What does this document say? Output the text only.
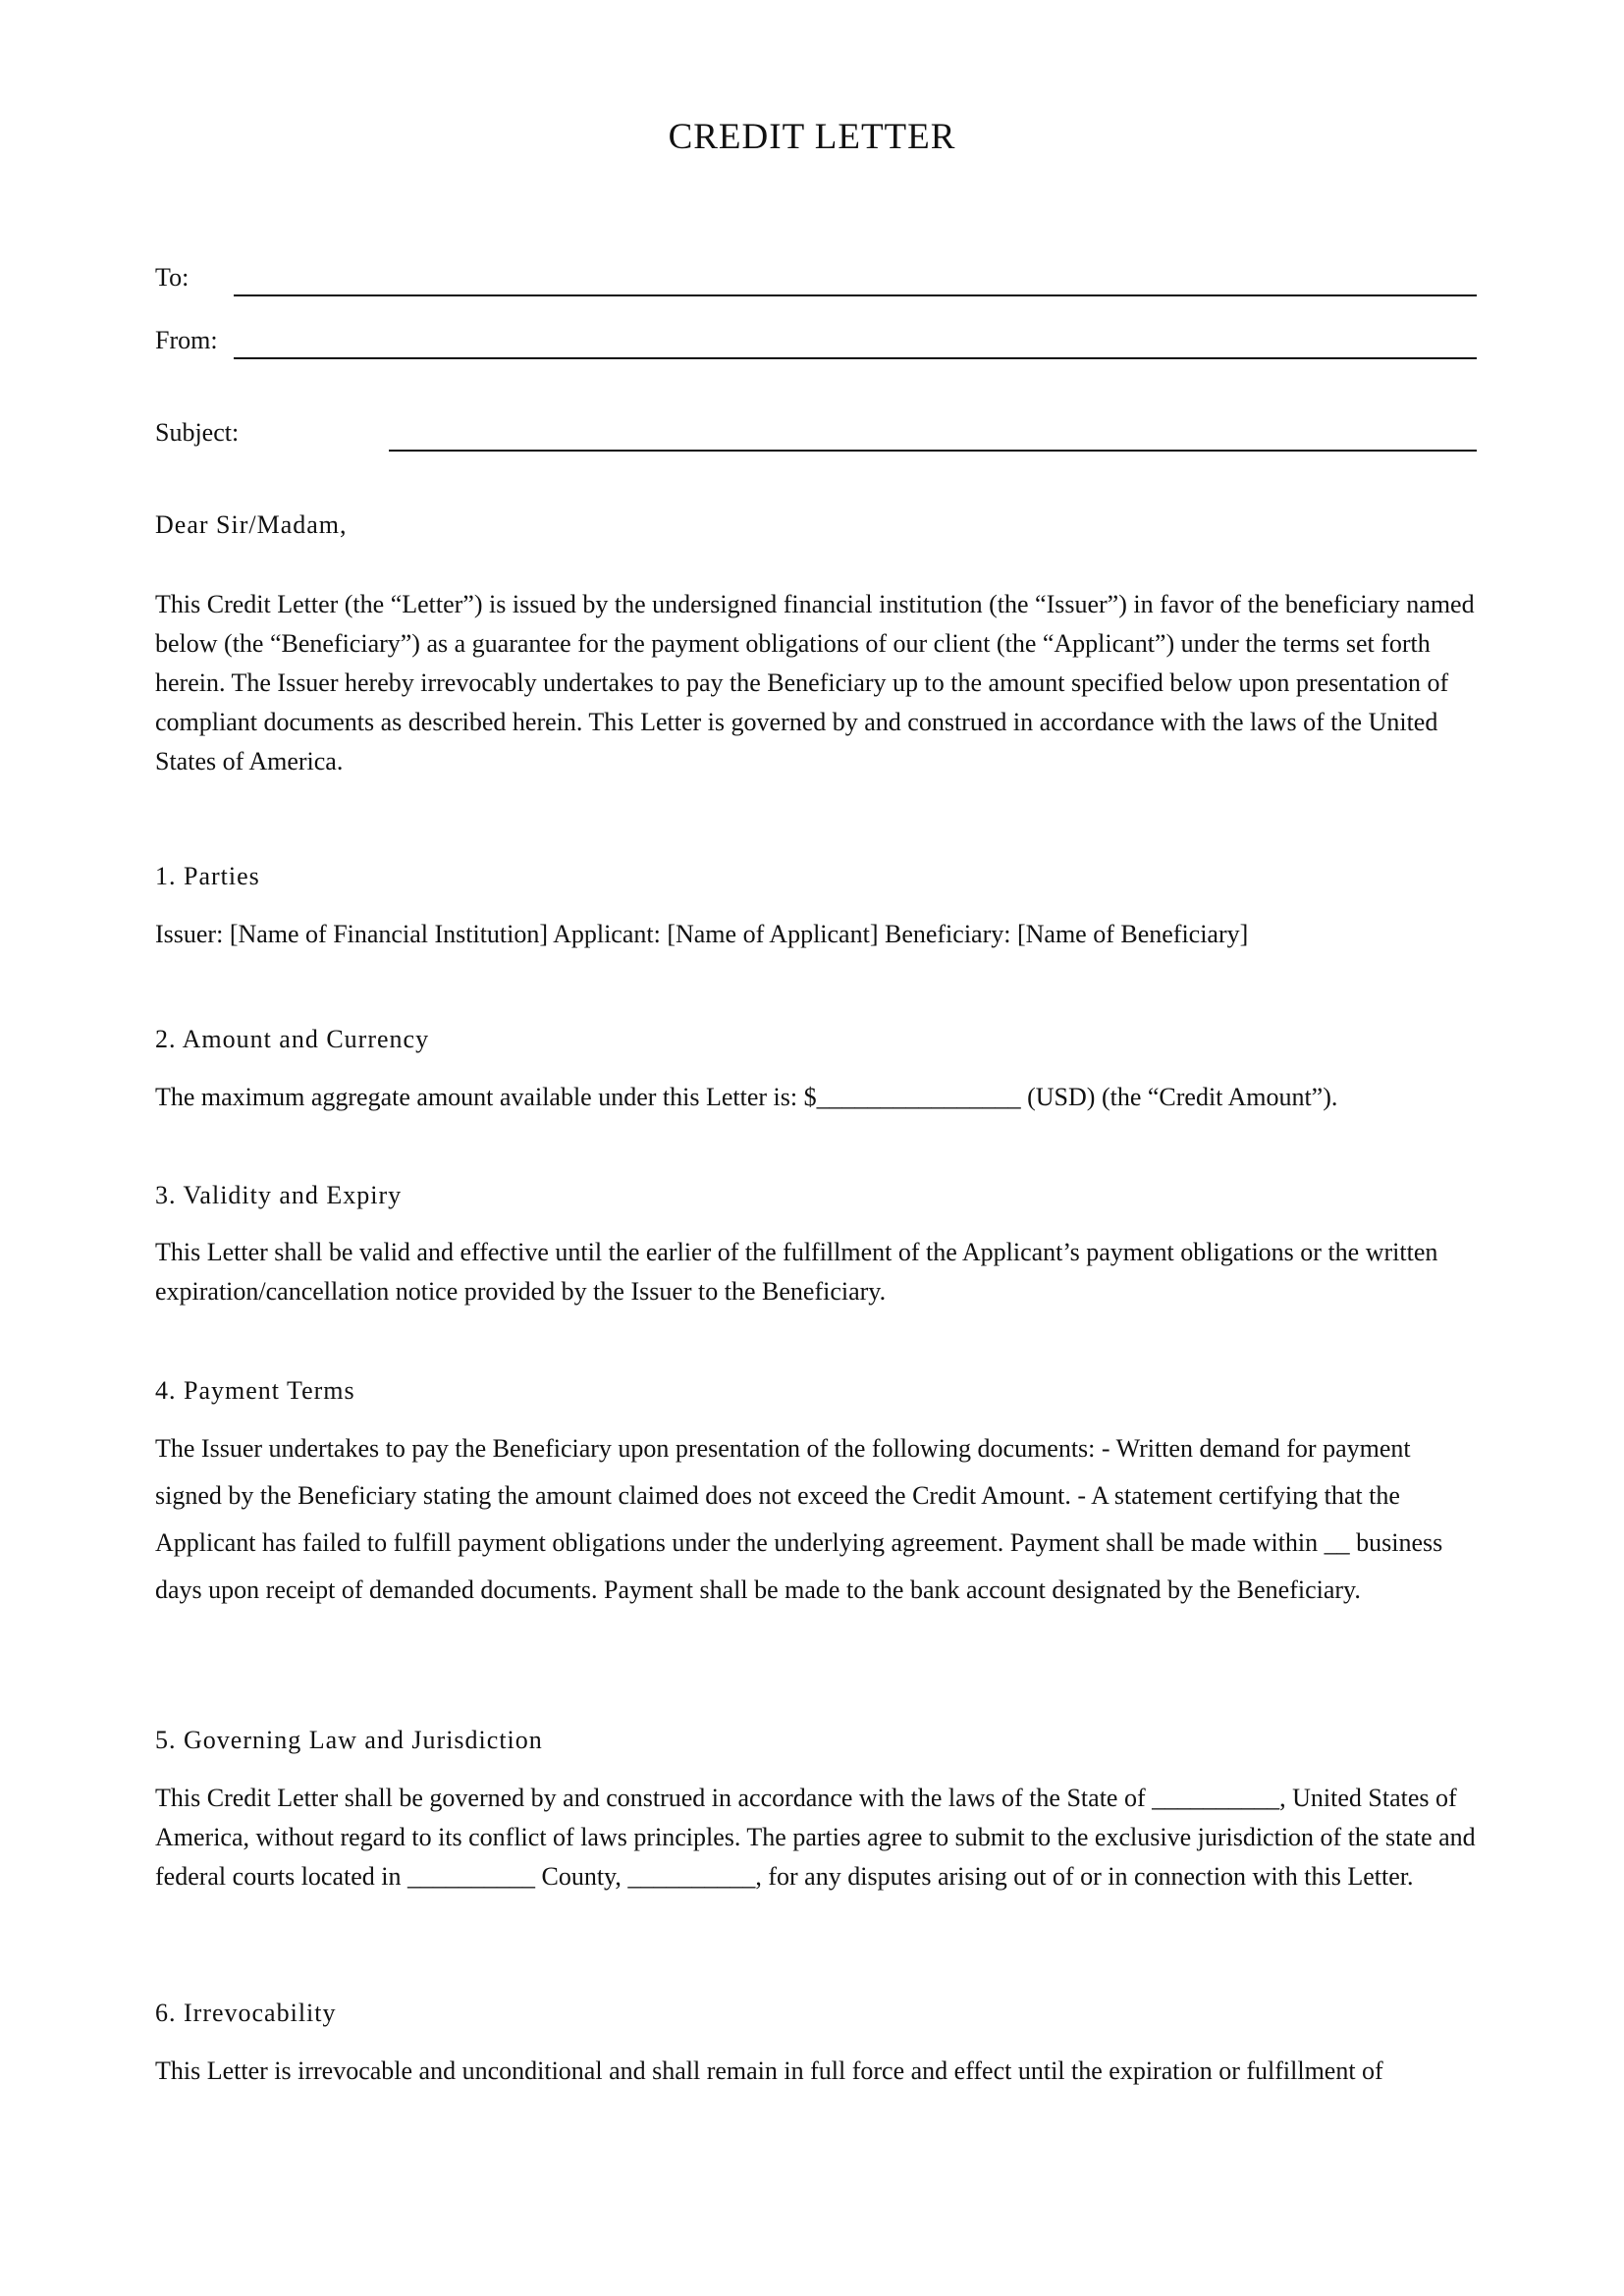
CREDIT LETTER
To:
From:
Subject:
Dear Sir/Madam,

This Credit Letter (the “Letter”) is issued by the undersigned financial institution (the “Issuer”) in favor of the beneficiary named below (the “Beneficiary”) as a guarantee for the payment obligations of our client (the “Applicant”) under the terms set forth herein. The Issuer hereby irrevocably undertakes to pay the Beneficiary up to the amount specified below upon presentation of compliant documents as described herein. This Letter is governed by and construed in accordance with the laws of the United States of America.

1. Parties

Issuer: [Name of Financial Institution] Applicant: [Name of Applicant] Beneficiary: [Name of Beneficiary]

2. Amount and Currency

The maximum aggregate amount available under this Letter is: $________________ (USD) (the “Credit Amount”).

3. Validity and Expiry

This Letter shall be valid and effective until the earlier of the fulfillment of the Applicant’s payment obligations or the written expiration/cancellation notice provided by the Issuer to the Beneficiary.

4. Payment Terms

The Issuer undertakes to pay the Beneficiary upon presentation of the following documents: - Written demand for payment signed by the Beneficiary stating the amount claimed does not exceed the Credit Amount. - A statement certifying that the Applicant has failed to fulfill payment obligations under the underlying agreement. Payment shall be made within __ business days upon receipt of demanded documents. Payment shall be made to the bank account designated by the Beneficiary.

5. Governing Law and Jurisdiction

This Credit Letter shall be governed by and construed in accordance with the laws of the State of __________, United States of America, without regard to its conflict of laws principles. The parties agree to submit to the exclusive jurisdiction of the state and federal courts located in __________ County, __________, for any disputes arising out of or in connection with this Letter.

6. Irrevocability

This Letter is irrevocable and unconditional and shall remain in full force and effect until the expiration or fulfillment of
